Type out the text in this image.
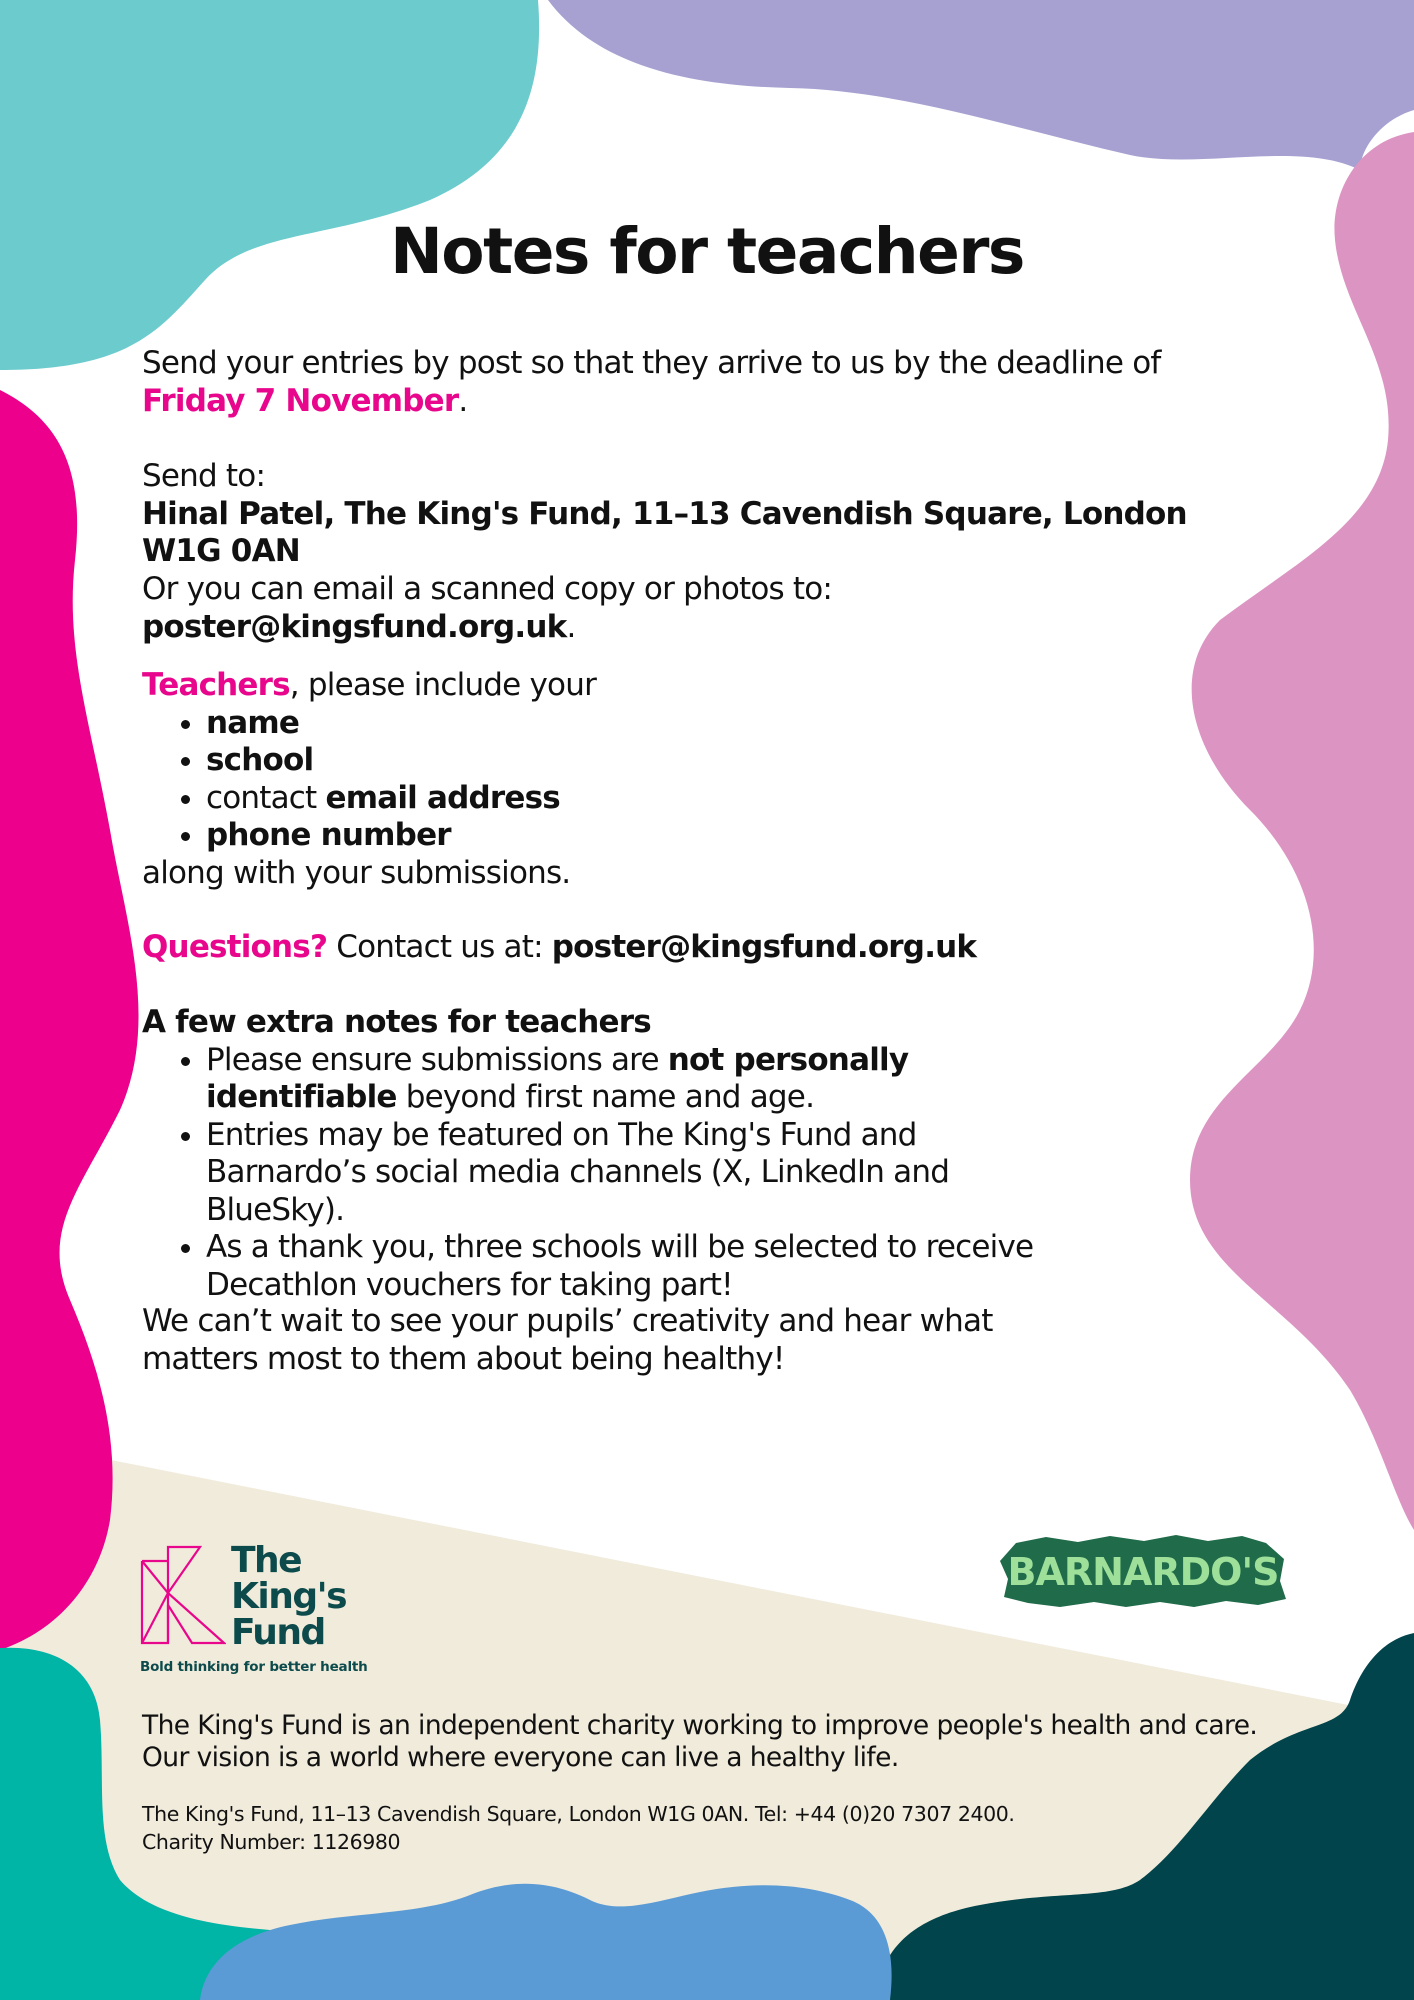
Notes for teachers

Send your entries by post so that they arrive to us by the deadline of
Friday 7 November.

Send to:
Hinal Patel, The King's Fund, 11–13 Cavendish Square, London W1G 0AN

Or you can email a scanned copy or photos to: poster@kingsfund.org.uk.

Teachers, please include your

• name
• school
• contact email address
• phone number

along with your submissions.

Questions? Contact us at: poster@kingsfund.org.uk

A few extra notes for teachers

• Please ensure submissions are not personally identifiable beyond first name and age.
• Entries may be featured on The King's Fund and Barnardo’s social media channels (X, LinkedIn and BlueSky).
• As a thank you, three schools will be selected to receive Decathlon vouchers for taking part!

We can’t wait to see your pupils’ creativity and hear what matters most to them about being healthy!

The
King's
Fund
Bold thinking for better health
BARNARDO'S
The King's Fund is an independent charity working to improve people's health and care.
Our vision is a world where everyone can live a healthy life.
The King's Fund, 11–13 Cavendish Square, London W1G 0AN. Tel: +44 (0)20 7307 2400.
Charity Number: 1126980
